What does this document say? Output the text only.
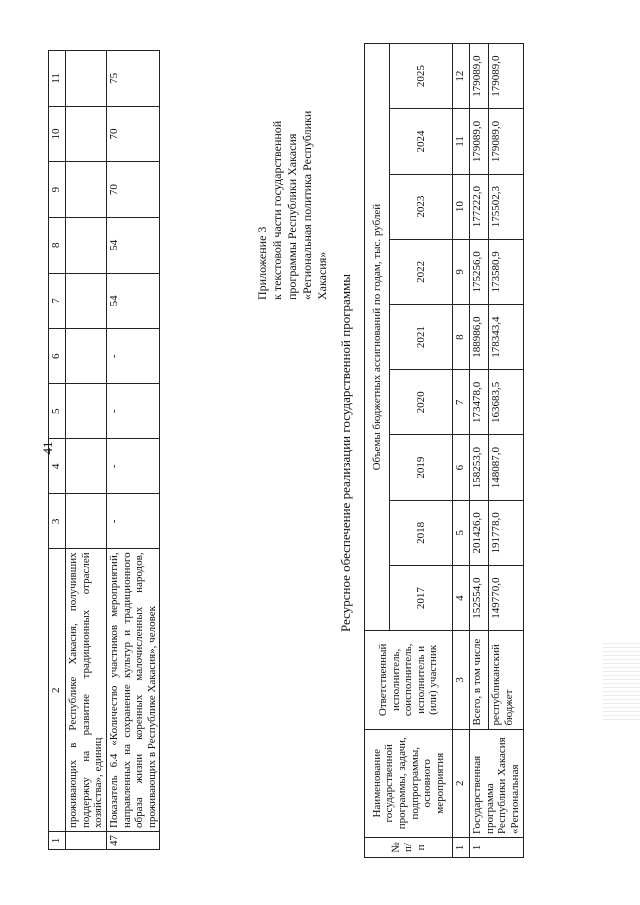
41
1	2	3	4	5	6	7	8	9	10	11
	проживающих в Республике Хакасия, получивших поддержку на развитие традиционных отраслей хозяйства», единиц									
47	Показатель 6.4 «Количество участников мероприятий, направленных на сохранение культур и традиционного образа жизни коренных малочисленных народов, проживающих в Республике Хакасия», человек	-	-	-	-	54	54	70	70	75
Приложение 3 к текстовой части государственной программы Республики Хакасия «Региональная политика Республики Хакасия» Ресурсное обеспечение реализации государственной программы
№ п/п	Наименование государственной программы, задачи, подпрограммы, основного мероприятия	Ответственный исполнитель, соисполнитель, исполнитель и (или) участник	Объемы бюджетных ассигнований по годам, тыс. рублей								
			2017	2018	2019	2020	2021	2022	2023	2024	2025
1	2	3	4	5	6	7	8	9	10	11	12
1	Государственная программа Республики Хакасия «Региональная	Всего, в том числе	152554,0	201426,0	158253,0	173478,0	188986,0	175256,0	177222,0	179089,0	179089,0
		республиканский бюджет	149770,0	191778,0	148087,0	163683,5	178343,4	173580,9	175502,3	179089,0	179089,0
